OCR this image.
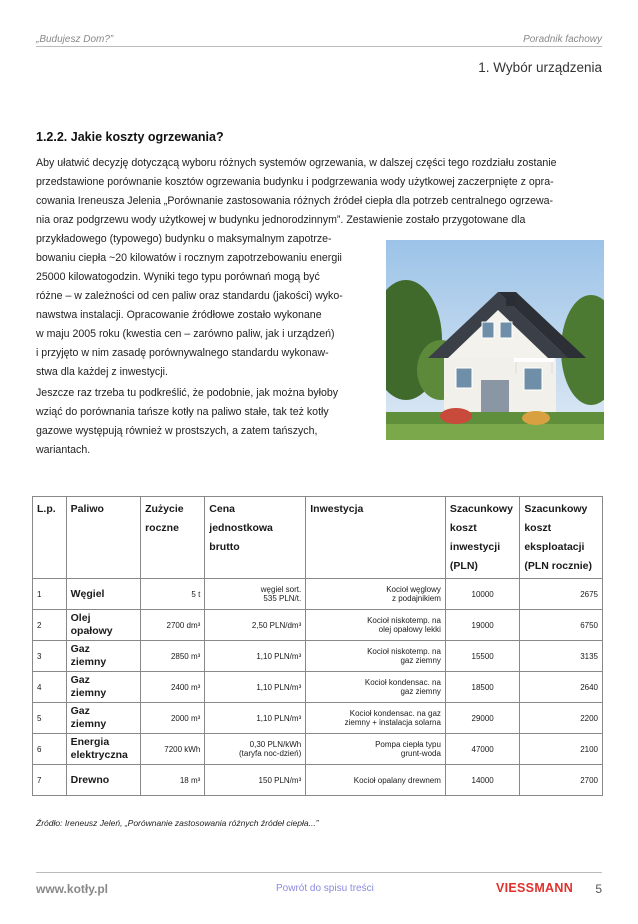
„Budujesz Dom?”	Poradnik fachowy
1. Wybór urządzenia
1.2.2. Jakie koszty ogrzewania?
Aby ułatwić decyzję dotyczącą wyboru różnych systemów ogrzewania, w dalszej części tego rozdziału zostanie
przedstawione porównanie kosztów ogrzewania budynku i podgrzewania wody użytkowej zaczerpnięte z opra-
cowania Ireneusza Jelenia „Porównanie zastosowania różnych źródeł ciepła dla potrzeb centralnego ogrzewa-
nia oraz podgrzewu wody użytkowej w budynku jednorodzinnym”. Zestawienie zostało przygotowane dla
przykładowego (typowego) budynku o maksymalnym zapotrze-
bowaniu ciepła ~20 kilowatów i rocznym zapotrzebowaniu energii
25000 kilowatogodzin. Wyniki tego typu porównań mogą być
różne – w zależności od cen paliw oraz standardu (jakości) wyko-
nawstwa instalacji. Opracowanie źródłowe zostało wykonane
w maju 2005 roku (kwestia cen – zarówno paliw, jak i urządzeń)
i przyjęto w nim zasadę porównywalnego standardu wykonaw-
stwa dla każdej z inwestycji.
Jeszcze raz trzeba tu podkreślić, że podobnie, jak można byłoby
wziąć do porównania tańsze kotły na paliwo stałe, tak też kotły
gazowe występują również w prostszych, a zatem tańszych,
wariantach.
L.p.	Paliwo	Zużycie
roczne	Cena
jednostkowa
brutto	Inwestycja	Szacunkowy
koszt
inwestycji
(PLN)	Szacunkowy
koszt
eksploatacji
(PLN rocznie)

1	Węgiel	5 t	węgiel sort.
535 PLN/t.	Kocioł węglowy
z podajnikiem	10000	2675
2	Olej
opałowy	2700 dm³	2,50 PLN/dm³	Kocioł niskotemp. na
olej opałowy lekki	19000	6750
3	Gaz
ziemny	2850 m³	1,10 PLN/m³	Kocioł niskotemp. na
gaz ziemny	15500	3135
4	Gaz
ziemny	2400 m³	1,10 PLN/m³	Kocioł kondensac. na
gaz ziemny	18500	2640
5	Gaz
ziemny	2000 m³	1,10 PLN/m³	Kocioł kondensac. na gaz
ziemny + instalacja solarna	29000	2200
6	Energia
elektryczna	7200 kWh	0,30 PLN/kWh
(taryfa noc-dzień)	Pompa ciepła typu
grunt-woda	47000	2100
7	Drewno	18 m³	150 PLN/m³	Kocioł opalany drewnem	14000	2700
Źródło: Ireneusz Jeleń, „Porównanie zastosowania różnych źródeł ciepła...”
www.kotły.pl	Powrót do spisu treści	VIESSMANN 5
